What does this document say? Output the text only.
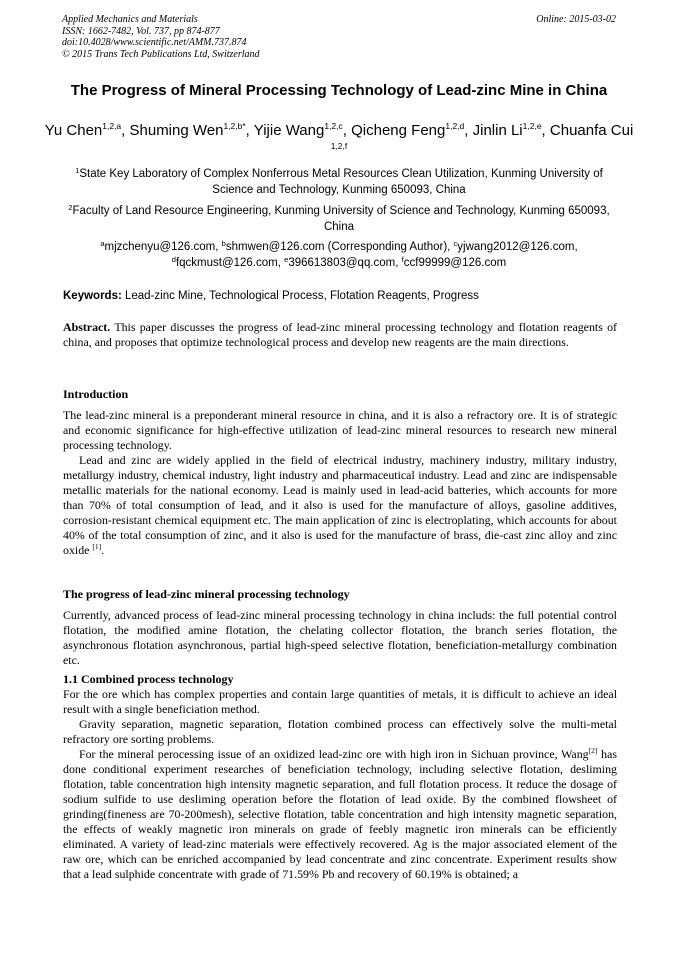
Applied Mechanics and Materials
ISSN: 1662-7482, Vol. 737, pp 874-877
doi:10.4028/www.scientific.net/AMM.737.874
© 2015 Trans Tech Publications Ltd, Switzerland
Online: 2015-03-02
The Progress of Mineral Processing Technology of Lead-zinc Mine in China
Yu Chen$^{1,2,a}$, Shuming Wen$^{1,2,b*}$, Yijie Wang$^{1,2,c}$, Qicheng Feng$^{1,2,d}$, Jinlin Li$^{1,2,e}$, Chuanfa Cui $^{1,2,f}$
$^1$State Key Laboratory of Complex Nonferrous Metal Resources Clean Utilization, Kunming University of Science and Technology, Kunming 650093, China
$^2$Faculty of Land Resource Engineering, Kunming University of Science and Technology, Kunming 650093, China
$^a$mjzchenyu@126.com, $^b$shmwen@126.com (Corresponding Author), $^c$yjwang2012@126.com,
$^d$fqckmust@126.com, $^e$396613803@qq.com, $^f$ccf99999@126.com
Keywords: Lead-zinc Mine, Technological Process, Flotation Reagents, Progress

Abstract. This paper discusses the progress of lead-zinc mineral processing technology and flotation reagents of china, and proposes that optimize technological process and develop new reagents are the main directions.

Introduction

The lead-zinc mineral is a preponderant mineral resource in china, and it is also a refractory ore. It is of strategic and economic significance for high-effective utilization of lead-zinc mineral resources to research new mineral processing technology.

Lead and zinc are widely applied in the field of electrical industry, machinery industry, military industry, metallurgy industry, chemical industry, light industry and pharmaceutical industry. Lead and zinc are indispensable metallic materials for the national economy. Lead is mainly used in lead-acid batteries, which accounts for more than 70% of total consumption of lead, and it also is used for the manufacture of alloys, gasoline additives, corrosion-resistant chemical equipment etc. The main application of zinc is electroplating, which accounts for about 40% of the total consumption of zinc, and it also is used for the manufacture of brass, die-cast zinc alloy and zinc oxide [1].

The progress of lead-zinc mineral processing technology

Currently, advanced process of lead-zinc mineral processing technology in china includs: the full potential control flotation, the modified amine flotation, the chelating collector flotation, the branch series flotation, the asynchronous flotation asynchronous, partial high-speed selective flotation, beneficiation-metallurgy combination etc.

1.1 Combined process technology

For the ore which has complex properties and contain large quantities of metals, it is difficult to achieve an ideal result with a single beneficiation method.

Gravity separation, magnetic separation, flotation combined process can effectively solve the multi-metal refractory ore sorting problems.

For the mineral perocessing issue of an oxidized lead-zinc ore with high iron in Sichuan province, Wang[2] has done conditional experiment researches of beneficiation technology, including selective flotation, desliming flotation, table concentration high intensity magnetic separation, and full flotation process. It reduce the dosage of sodium sulfide to use desliming operation before the flotation of lead oxide. By the combined flowsheet of grinding(fineness are 70-200mesh), selective flotation, table concentration and high intensity magnetic separation, the effects of weakly magnetic iron minerals on grade of feebly magnetic iron minerals can be efficiently eliminated. A variety of lead-zinc materials were effectively recovered. Ag is the major associated element of the raw ore, which can be enriched accompanied by lead concentrate and zinc concentrate. Experiment results show that a lead sulphide concentrate with grade of 71.59% Pb and recovery of 60.19% is obtained; a
